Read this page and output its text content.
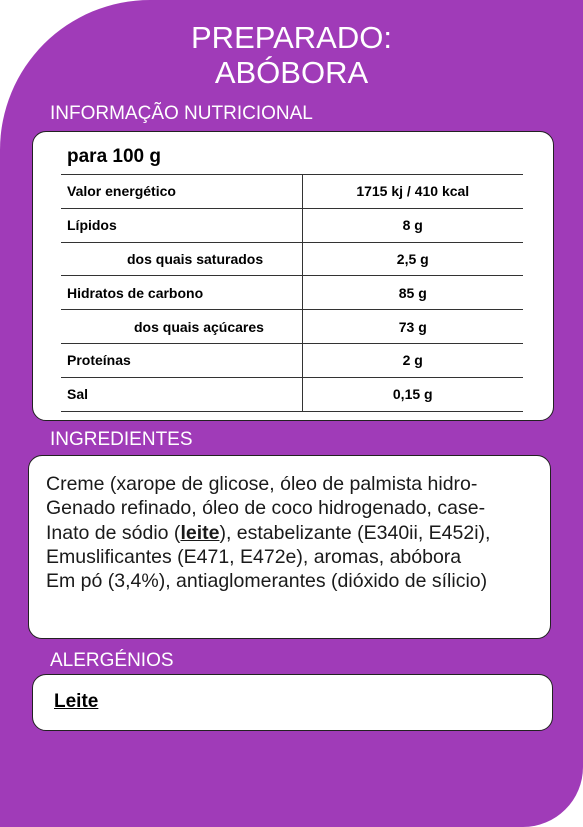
PREPARADO:
ABÓBORA
INFORMAÇÃO NUTRICIONAL
para 100 g
Valor energético	1715 kj / 410 kcal
Lípidos	8 g
dos quais saturados	2,5 g
Hidratos de carbono	85 g
dos quais açúcares	73 g
Proteínas	2 g
Sal	0,15 g
INGREDIENTES
Creme (xarope de glicose, óleo de palmista hidro-
Genado refinado, óleo de coco hidrogenado, case-
Inato de sódio (leite), estabelizante (E340ii, E452i),
Emuslificantes (E471, E472e), aromas, abóbora
Em pó (3,4%), antiaglomerantes (dióxido de sílicio)
ALERGÉNIOS
Leite
